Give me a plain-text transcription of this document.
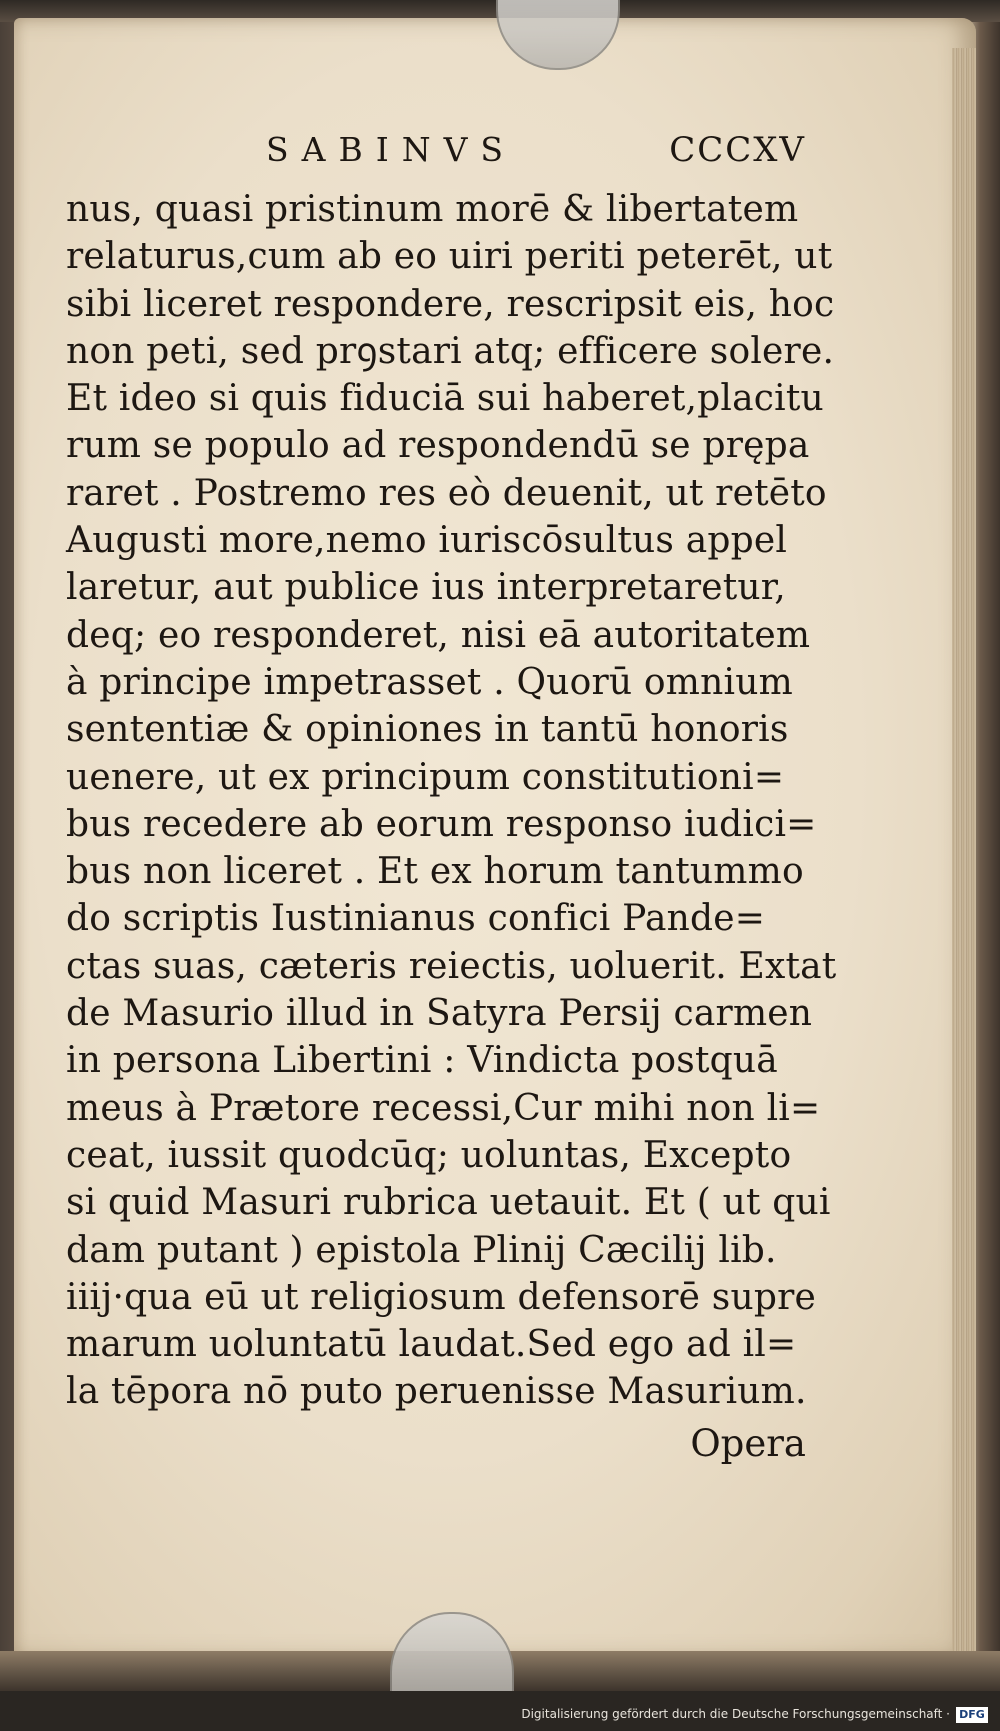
SABINVS	CCCXV
nus, quasi pristinum morē & libertatem
relaturus,cum ab eo uiri periti peterēt, ut
sibi liceret respondere, rescripsit eis, hoc
non peti, sed prꝯstari atq; efficere solere.
Et ideo si quis fiduciā sui haberet,placitu
rum se populo ad respondendū se prępa
raret . Postremo res eò deuenit, ut retēto
Augusti more,nemo iuriscōsultus appel
laretur, aut publice ius interpretaretur,
deq; eo responderet, nisi eā autoritatem
à principe impetrasset . Quorū omnium
sententiæ & opiniones in tantū honoris
uenere, ut ex principum constitutioni=
bus recedere ab eorum responso iudici=
bus non liceret . Et ex horum tantummo
do scriptis Iustinianus confici Pande=
ctas suas, cæteris reiectis, uoluerit. Extat
de Masurio illud in Satyra Persij carmen
in persona Libertini : Vindicta postquā
meus à Prætore recessi,Cur mihi non li=
ceat, iussit quodcūq; uoluntas, Excepto
si quid Masuri rubrica uetauit. Et ( ut qui
dam putant ) epistola Plinij Cæcilij lib.
iiij·qua eū ut religiosum defensorē supre
marum uoluntatū laudat.Sed ego ad il=
la tēpora nō puto peruenisse Masurium.
Opera
Digitalisierung gefördert durch die Deutsche Forschungsgemeinschaft · DFG
